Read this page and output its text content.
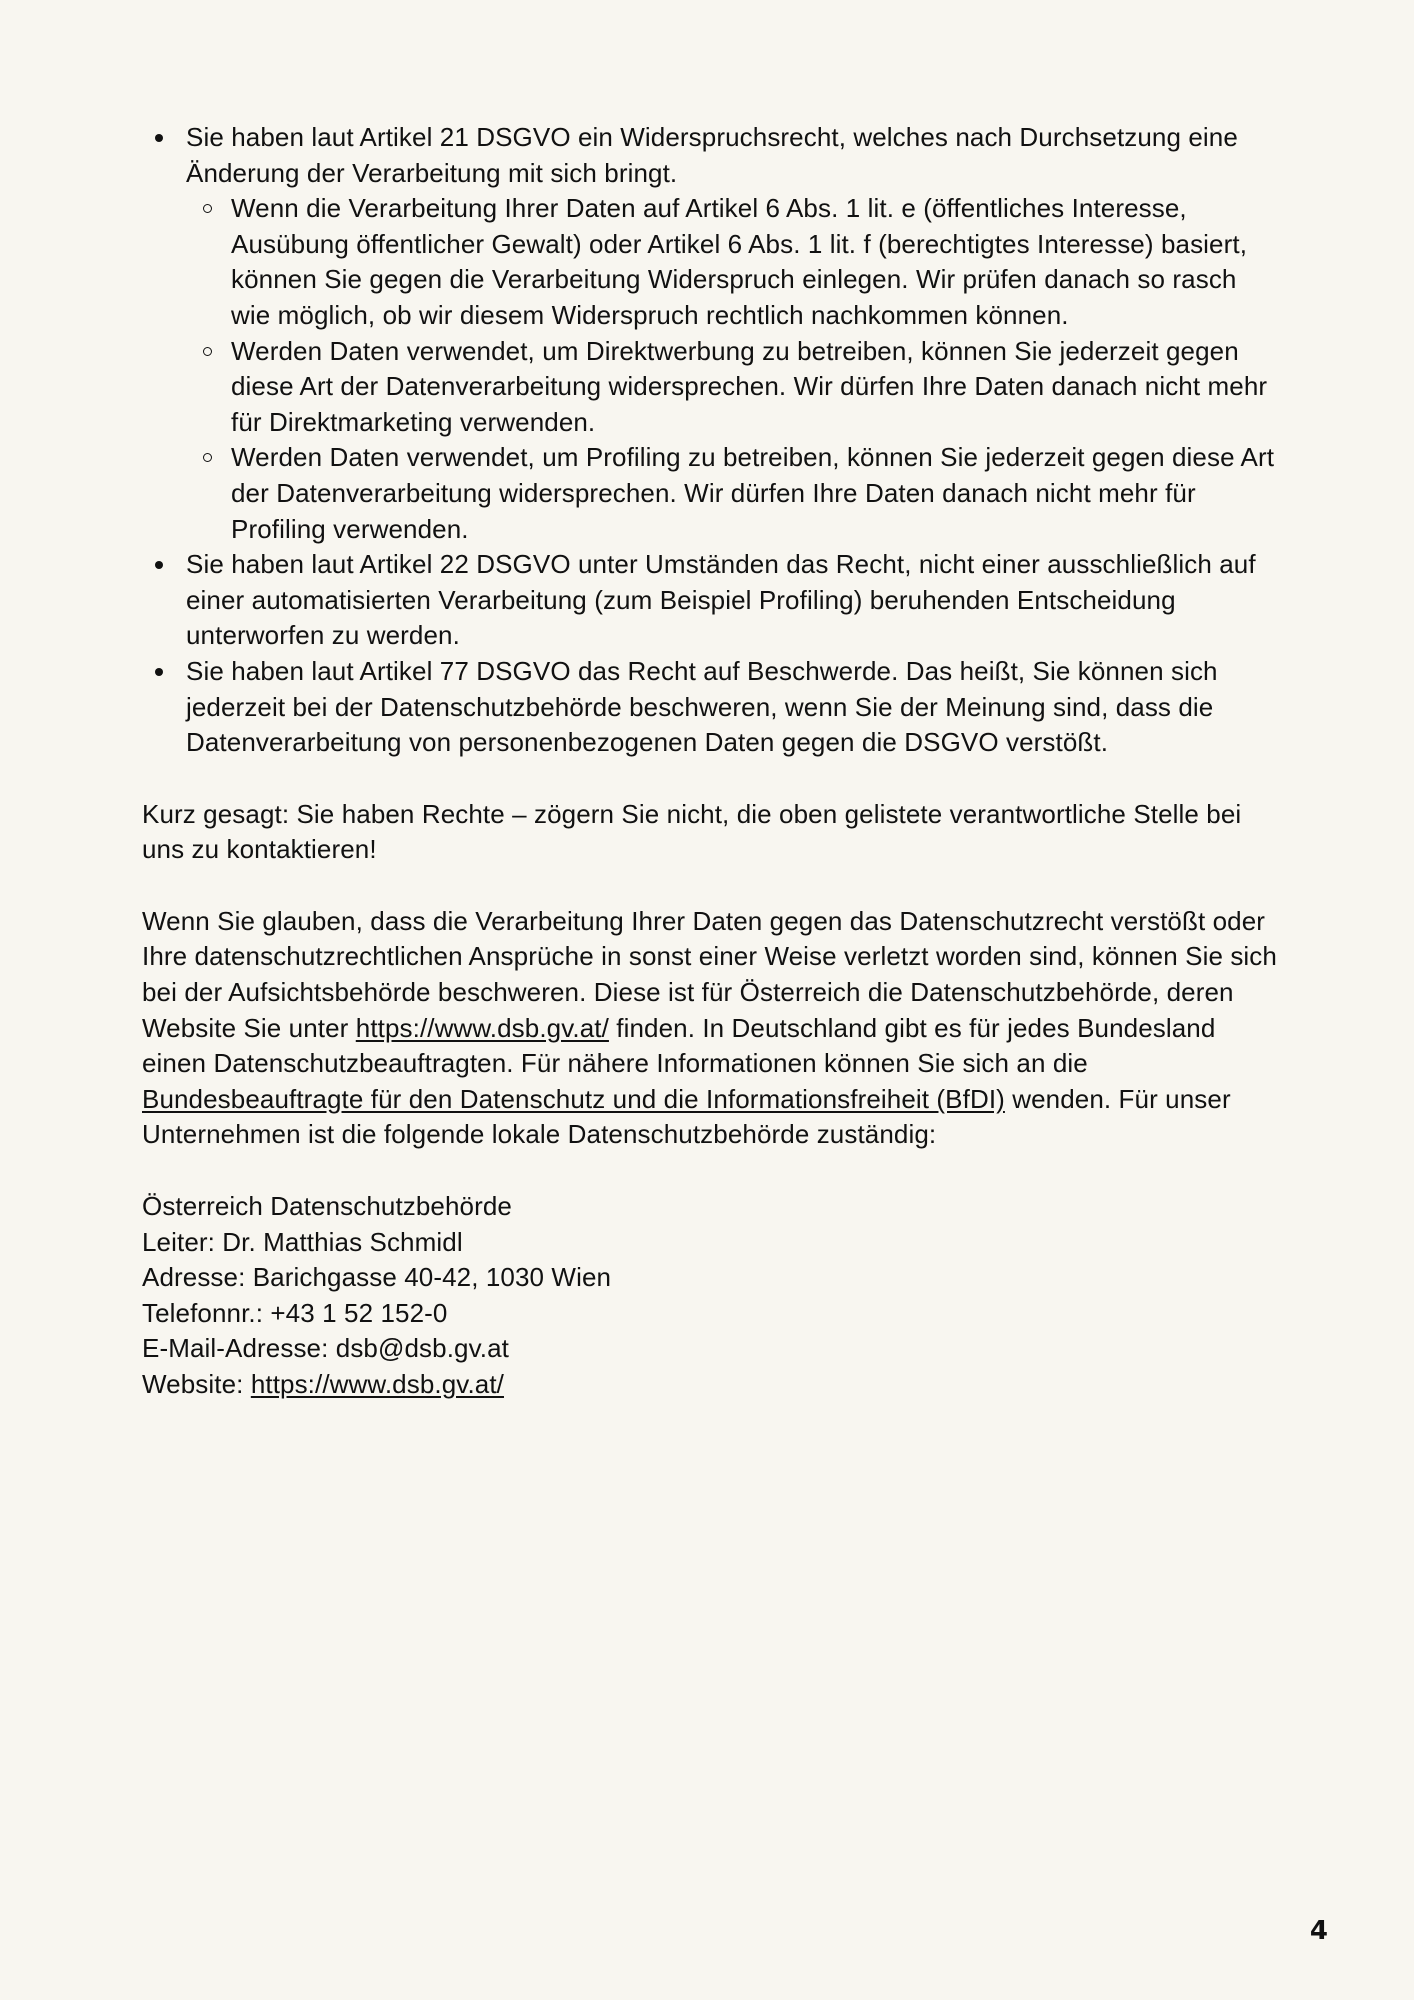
Sie haben laut Artikel 21 DSGVO ein Widerspruchsrecht, welches nach Durchsetzung eine Änderung der Verarbeitung mit sich bringt.
Wenn die Verarbeitung Ihrer Daten auf Artikel 6 Abs. 1 lit. e (öffentliches Interesse, Ausübung öffentlicher Gewalt) oder Artikel 6 Abs. 1 lit. f (berechtigtes Interesse) basiert, können Sie gegen die Verarbeitung Widerspruch einlegen. Wir prüfen danach so rasch wie möglich, ob wir diesem Widerspruch rechtlich nachkommen können.
Werden Daten verwendet, um Direktwerbung zu betreiben, können Sie jederzeit gegen diese Art der Datenverarbeitung widersprechen. Wir dürfen Ihre Daten danach nicht mehr für Direktmarketing verwenden.
Werden Daten verwendet, um Profiling zu betreiben, können Sie jederzeit gegen diese Art der Datenverarbeitung widersprechen. Wir dürfen Ihre Daten danach nicht mehr für Profiling verwenden.
Sie haben laut Artikel 22 DSGVO unter Umständen das Recht, nicht einer ausschließlich auf einer automatisierten Verarbeitung (zum Beispiel Profiling) beruhenden Entscheidung unterworfen zu werden.
Sie haben laut Artikel 77 DSGVO das Recht auf Beschwerde. Das heißt, Sie können sich jederzeit bei der Datenschutzbehörde beschweren, wenn Sie der Meinung sind, dass die Datenverarbeitung von personenbezogenen Daten gegen die DSGVO verstößt.

Kurz gesagt: Sie haben Rechte – zögern Sie nicht, die oben gelistete verantwortliche Stelle bei uns zu kontaktieren!

Wenn Sie glauben, dass die Verarbeitung Ihrer Daten gegen das Datenschutzrecht verstößt oder Ihre datenschutzrechtlichen Ansprüche in sonst einer Weise verletzt worden sind, können Sie sich bei der Aufsichtsbehörde beschweren. Diese ist für Österreich die Datenschutzbehörde, deren Website Sie unter https://www.dsb.gv.at/ finden. In Deutschland gibt es für jedes Bundesland einen Datenschutzbeauftragten. Für nähere Informationen können Sie sich an die Bundesbeauftragte für den Datenschutz und die Informationsfreiheit (BfDI) wenden. Für unser Unternehmen ist die folgende lokale Datenschutzbehörde zuständig:

Österreich Datenschutzbehörde
Leiter: Dr. Matthias Schmidl
Adresse: Barichgasse 40-42, 1030 Wien
Telefonnr.: +43 1 52 152-0
E-Mail-Adresse: dsb@dsb.gv.at
Website: https://www.dsb.gv.at/

4
